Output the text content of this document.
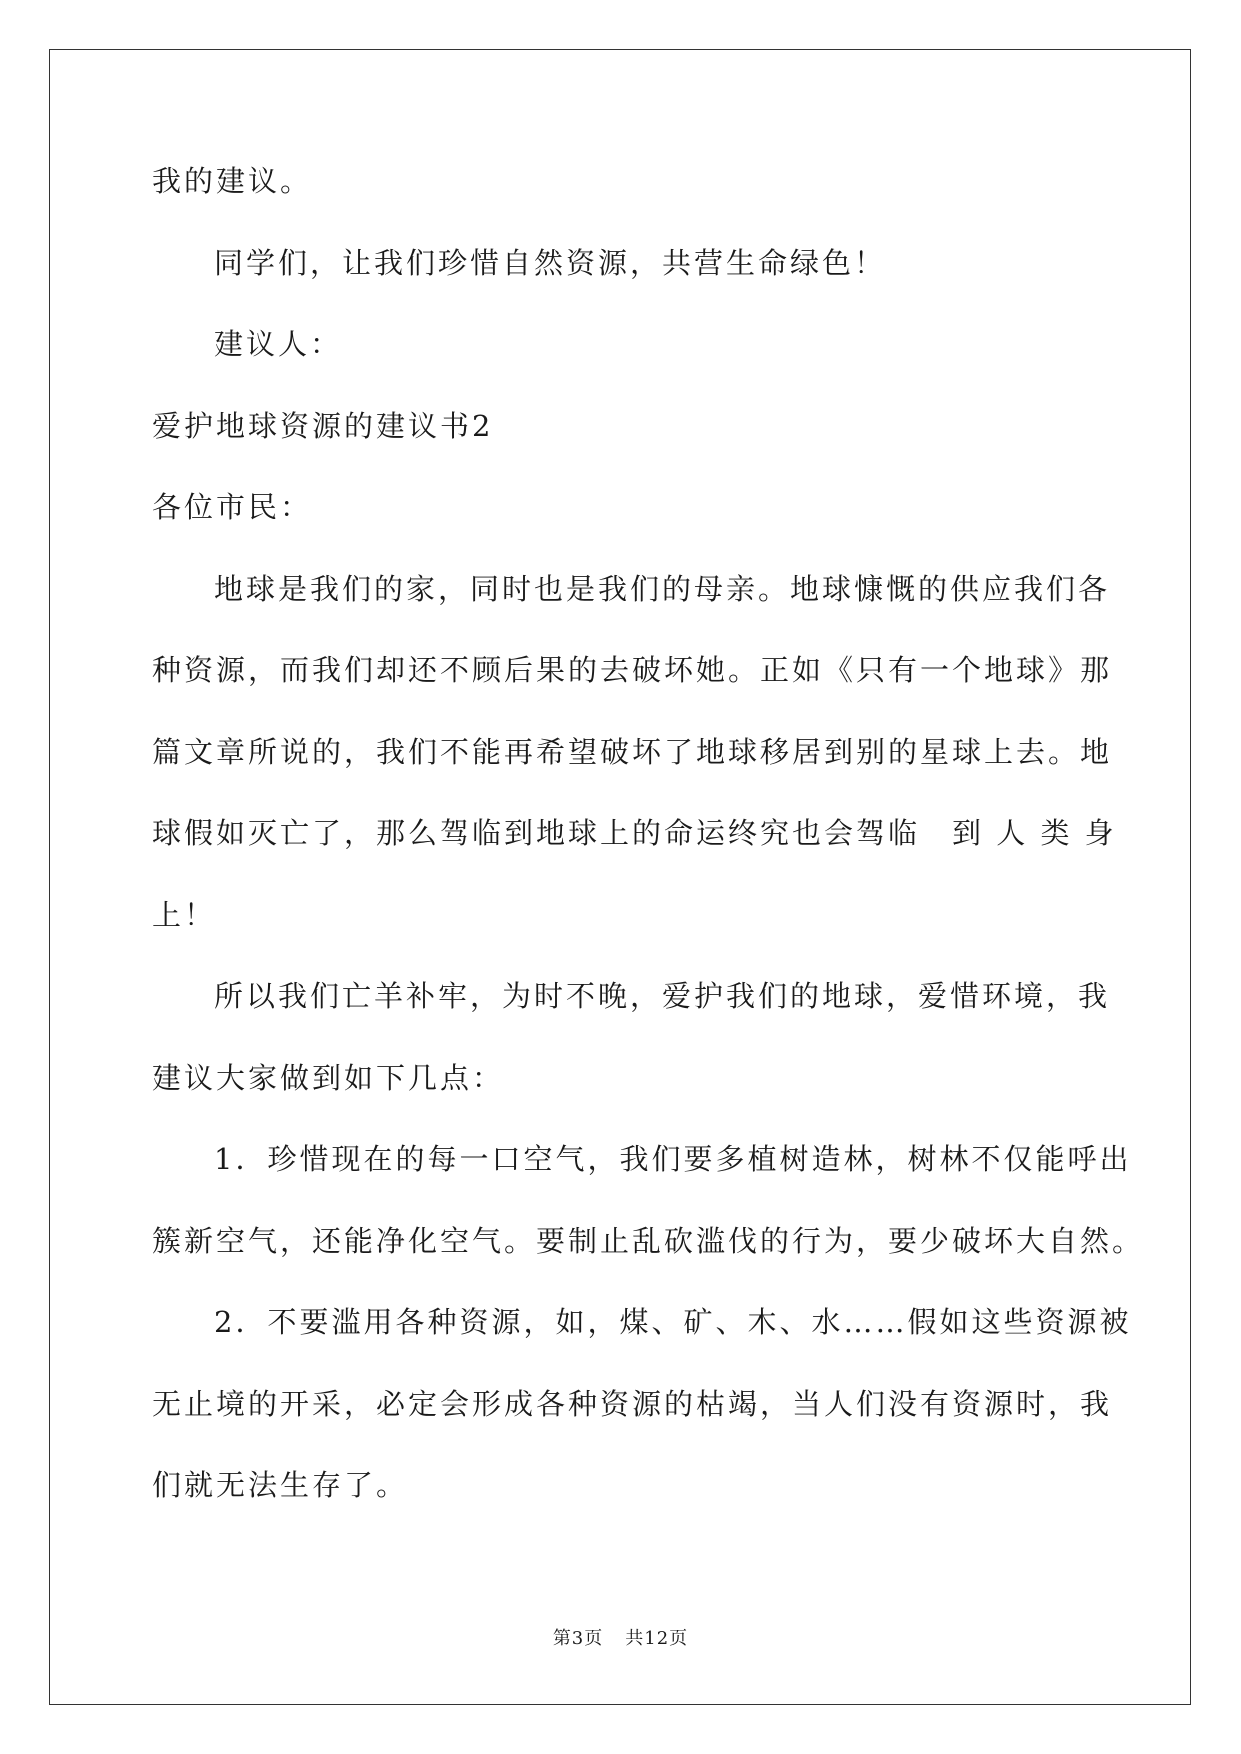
我的建议。
同学们，让我们珍惜自然资源，共营生命绿色！
建议人：
爱护地球资源的建议书2
各位市民：
地球是我们的家，同时也是我们的母亲。地球慷慨的供应我们各
种资源，而我们却还不顾后果的去破坏她。正如《只有一个地球》那
篇文章所说的，我们不能再希望破坏了地球移居到别的星球上去。地
球假如灭亡了，那么驾临到地球上的命运终究也会驾临　到 人 类 身
上！
所以我们亡羊补牢，为时不晚，爱护我们的地球，爱惜环境，我
建议大家做到如下几点：
1．珍惜现在的每一口空气，我们要多植树造林，树林不仅能呼出
簇新空气，还能净化空气。要制止乱砍滥伐的行为，要少破坏大自然。
2．不要滥用各种资源，如，煤、矿、木、水……假如这些资源被
无止境的开采，必定会形成各种资源的枯竭，当人们没有资源时，我
们就无法生存了。
第3页 共12页
